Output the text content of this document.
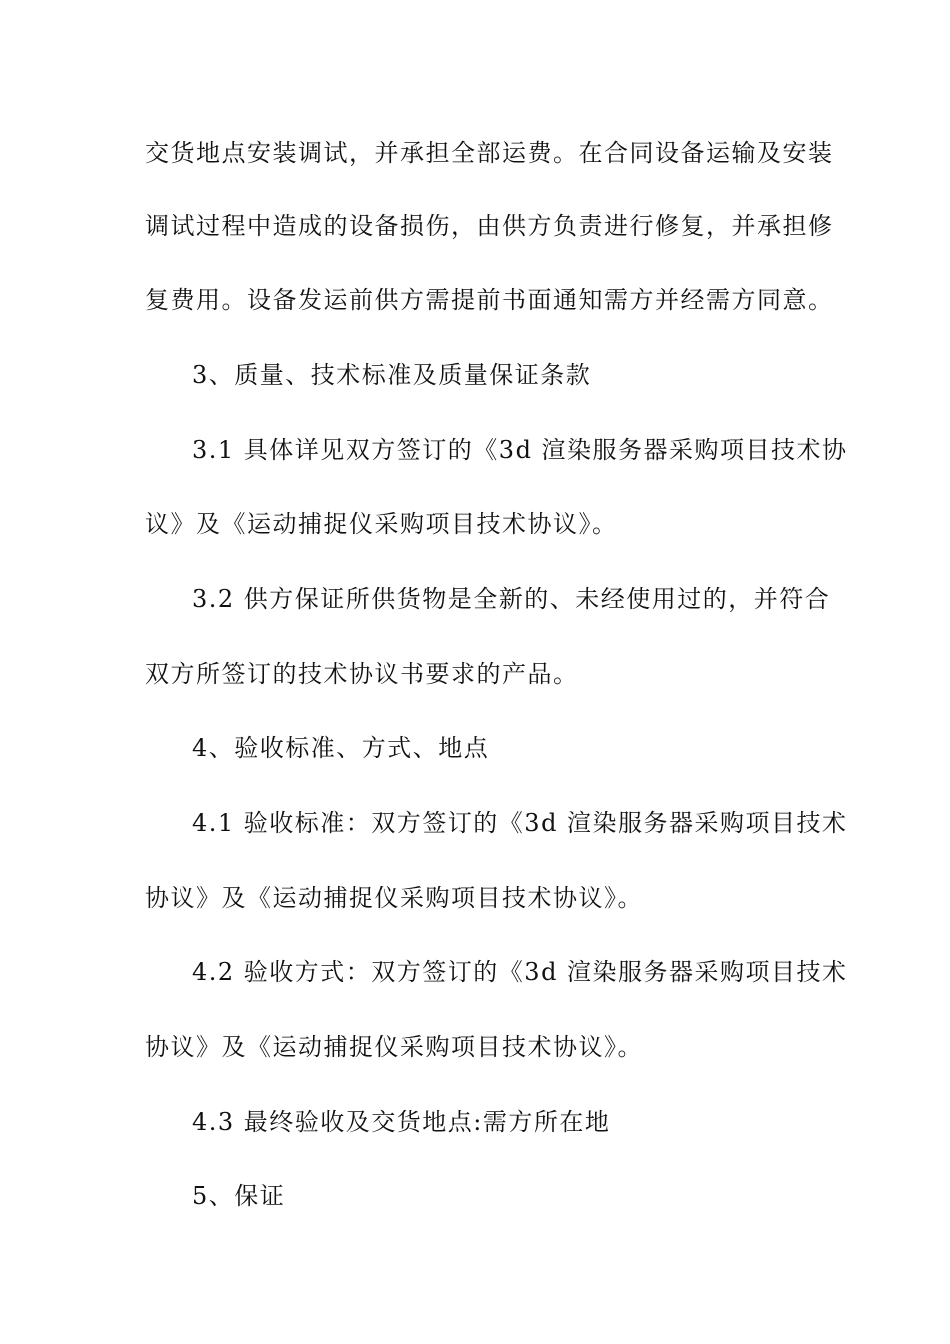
交货地点安装调试，并承担全部运费。在合同设备运输及安装
调试过程中造成的设备损伤，由供方负责进行修复，并承担修
复费用。设备发运前供方需提前书面通知需方并经需方同意。
3、质量、技术标准及质量保证条款
3.1 具体详见双方签订的《3d 渲染服务器采购项目技术协
议》及《运动捕捉仪采购项目技术协议》。
3.2 供方保证所供货物是全新的、未经使用过的，并符合
双方所签订的技术协议书要求的产品。
4、验收标准、方式、地点
4.1 验收标准：双方签订的《3d 渲染服务器采购项目技术
协议》及《运动捕捉仪采购项目技术协议》。
4.2 验收方式：双方签订的《3d 渲染服务器采购项目技术
协议》及《运动捕捉仪采购项目技术协议》。
4.3 最终验收及交货地点:需方所在地
5、保证
